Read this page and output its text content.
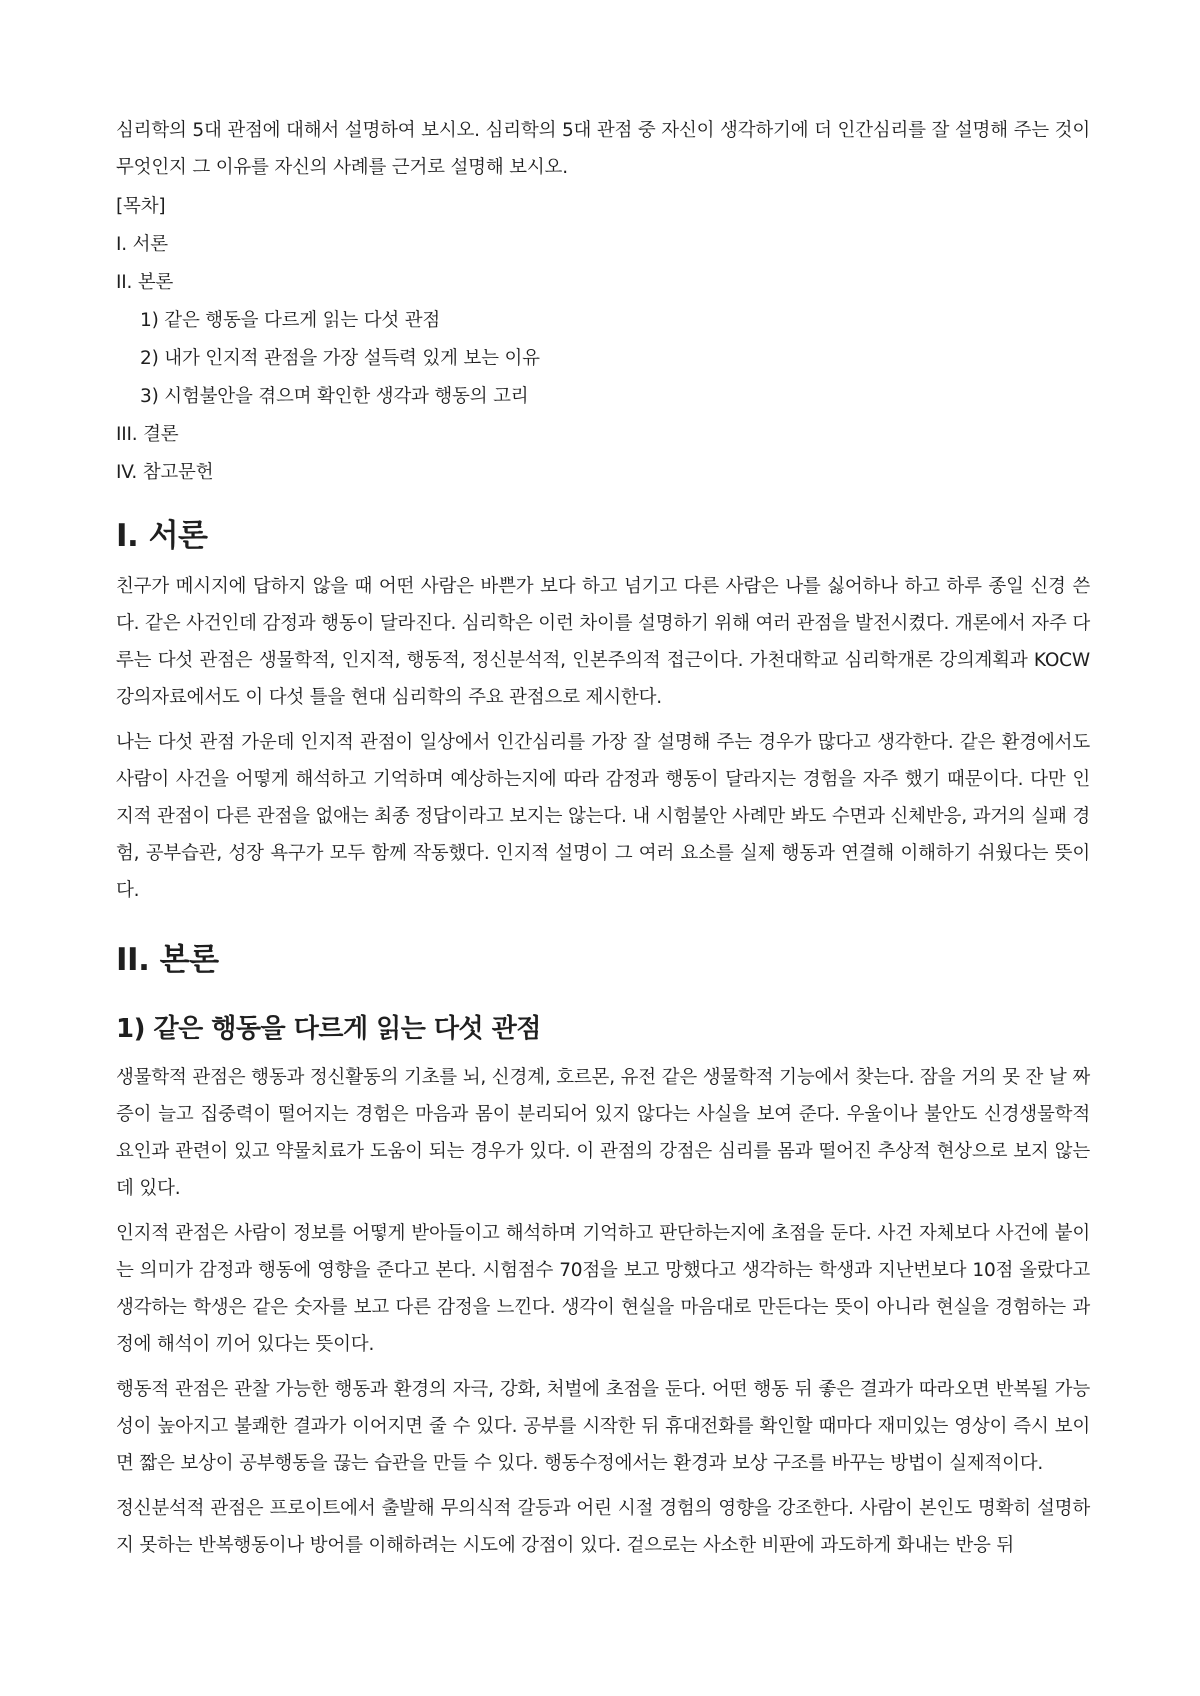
심리학의 5대 관점에 대해서 설명하여 보시오. 심리학의 5대 관점 중 자신이 생각하기에 더 인간심리를 잘 설명해 주는 것이 무엇인지 그 이유를 자신의 사례를 근거로 설명해 보시오.

[목차]
I. 서론
II. 본론
1) 같은 행동을 다르게 읽는 다섯 관점
2) 내가 인지적 관점을 가장 설득력 있게 보는 이유
3) 시험불안을 겪으며 확인한 생각과 행동의 고리
III. 결론
IV. 참고문헌
I. 서론

친구가 메시지에 답하지 않을 때 어떤 사람은 바쁜가 보다 하고 넘기고 다른 사람은 나를 싫어하나 하고 하루 종일 신경 쓴다. 같은 사건인데 감정과 행동이 달라진다. 심리학은 이런 차이를 설명하기 위해 여러 관점을 발전시켰다. 개론에서 자주 다루는 다섯 관점은 생물학적, 인지적, 행동적, 정신분석적, 인본주의적 접근이다. 가천대학교 심리학개론 강의계획과 KOCW 강의자료에서도 이 다섯 틀을 현대 심리학의 주요 관점으로 제시한다.

나는 다섯 관점 가운데 인지적 관점이 일상에서 인간심리를 가장 잘 설명해 주는 경우가 많다고 생각한다. 같은 환경에서도 사람이 사건을 어떻게 해석하고 기억하며 예상하는지에 따라 감정과 행동이 달라지는 경험을 자주 했기 때문이다. 다만 인지적 관점이 다른 관점을 없애는 최종 정답이라고 보지는 않는다. 내 시험불안 사례만 봐도 수면과 신체반응, 과거의 실패 경험, 공부습관, 성장 욕구가 모두 함께 작동했다. 인지적 설명이 그 여러 요소를 실제 행동과 연결해 이해하기 쉬웠다는 뜻이다.

II. 본론
1) 같은 행동을 다르게 읽는 다섯 관점

생물학적 관점은 행동과 정신활동의 기초를 뇌, 신경계, 호르몬, 유전 같은 생물학적 기능에서 찾는다. 잠을 거의 못 잔 날 짜증이 늘고 집중력이 떨어지는 경험은 마음과 몸이 분리되어 있지 않다는 사실을 보여 준다. 우울이나 불안도 신경생물학적 요인과 관련이 있고 약물치료가 도움이 되는 경우가 있다. 이 관점의 강점은 심리를 몸과 떨어진 추상적 현상으로 보지 않는 데 있다.

인지적 관점은 사람이 정보를 어떻게 받아들이고 해석하며 기억하고 판단하는지에 초점을 둔다. 사건 자체보다 사건에 붙이는 의미가 감정과 행동에 영향을 준다고 본다. 시험점수 70점을 보고 망했다고 생각하는 학생과 지난번보다 10점 올랐다고 생각하는 학생은 같은 숫자를 보고 다른 감정을 느낀다. 생각이 현실을 마음대로 만든다는 뜻이 아니라 현실을 경험하는 과정에 해석이 끼어 있다는 뜻이다.

행동적 관점은 관찰 가능한 행동과 환경의 자극, 강화, 처벌에 초점을 둔다. 어떤 행동 뒤 좋은 결과가 따라오면 반복될 가능성이 높아지고 불쾌한 결과가 이어지면 줄 수 있다. 공부를 시작한 뒤 휴대전화를 확인할 때마다 재미있는 영상이 즉시 보이면 짧은 보상이 공부행동을 끊는 습관을 만들 수 있다. 행동수정에서는 환경과 보상 구조를 바꾸는 방법이 실제적이다.

정신분석적 관점은 프로이트에서 출발해 무의식적 갈등과 어린 시절 경험의 영향을 강조한다. 사람이 본인도 명확히 설명하지 못하는 반복행동이나 방어를 이해하려는 시도에 강점이 있다. 겉으로는 사소한 비판에 과도하게 화내는 반응 뒤
